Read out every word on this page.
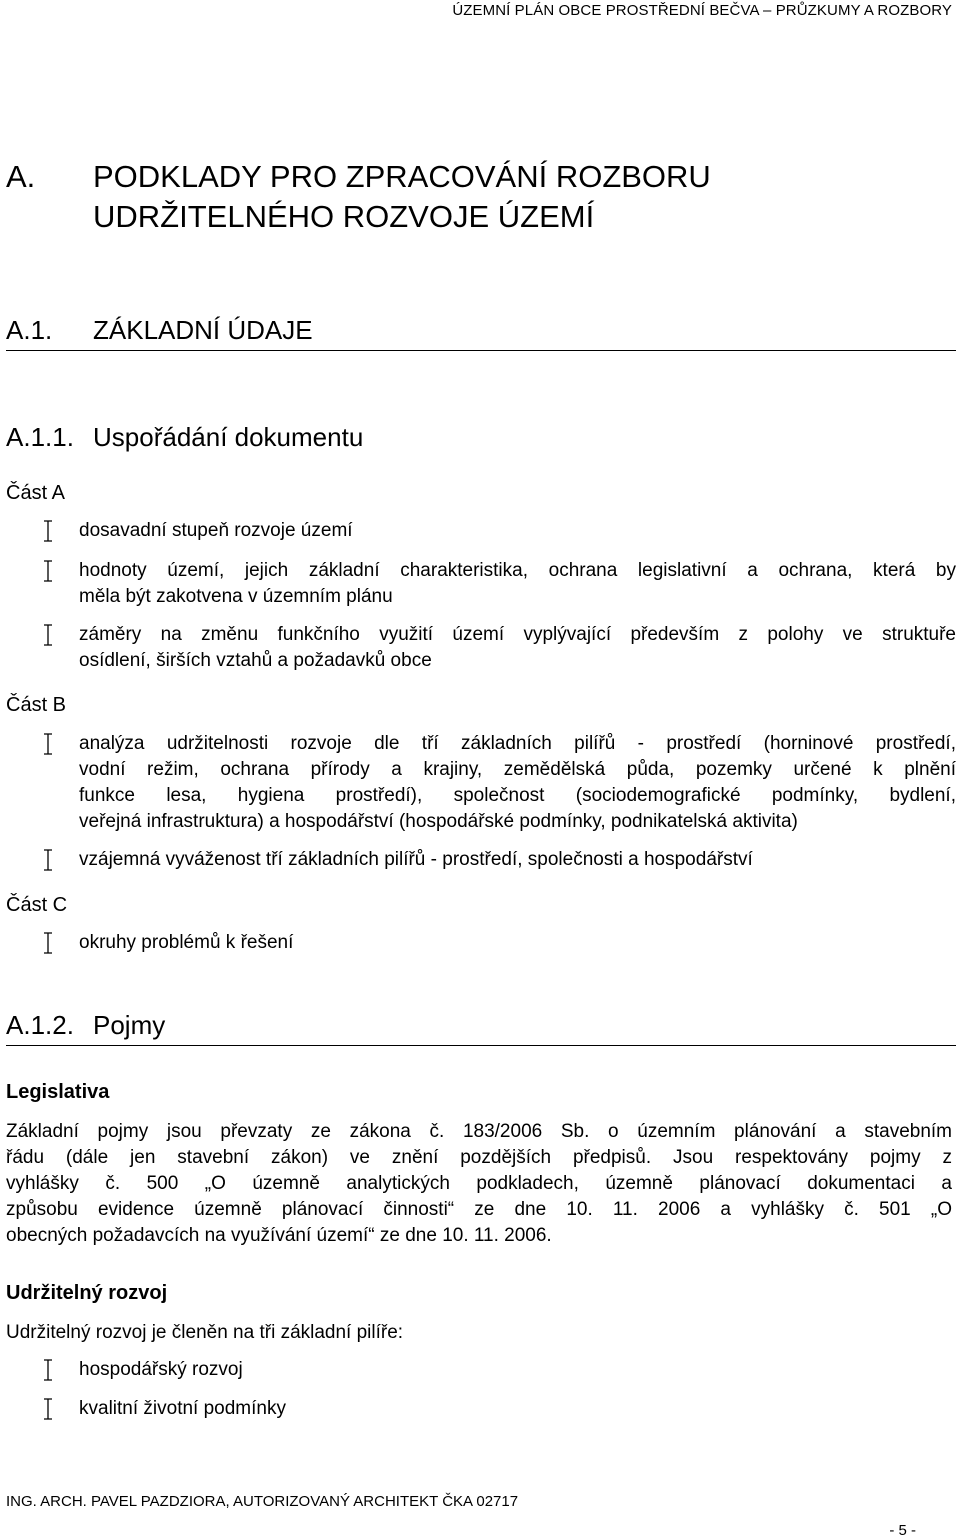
ÚZEMNÍ PLÁN OBCE PROSTŘEDNÍ BEČVA – PRŮZKUMY A ROZBORY
A.	PODKLADY PRO ZPRACOVÁNÍ ROZBORU
UDRŽITELNÉHO ROZVOJE ÚZEMÍ
A.1. ZÁKLADNÍ ÚDAJE
A.1.1. Uspořádání dokumentu
Část A
dosavadní stupeň rozvoje území
hodnoty území, jejich základní charakteristika, ochrana legislativní a ochrana, která by
měla být zakotvena v územním plánu
záměry na změnu funkčního využití území vyplývající především z polohy ve struktuře
osídlení, širších vztahů a požadavků obce
Část B
analýza udržitelnosti rozvoje dle tří základních pilířů - prostředí (horninové prostředí,
vodní režim, ochrana přírody a krajiny, zemědělská půda, pozemky určené k plnění
funkce lesa, hygiena prostředí), společnost (sociodemografické podmínky, bydlení,
veřejná infrastruktura) a hospodářství (hospodářské podmínky, podnikatelská aktivita)
vzájemná vyváženost tří základních pilířů - prostředí, společnosti a hospodářství
Část C
okruhy problémů k řešení
A.1.2. Pojmy
Legislativa
Základní pojmy jsou převzaty ze zákona č. 183/2006 Sb. o územním plánování a stavebním
řádu (dále jen stavební zákon) ve znění pozdějších předpisů. Jsou respektovány pojmy z
vyhlášky č. 500 „O územně analytických podkladech, územně plánovací dokumentaci a
způsobu evidence územně plánovací činnosti“ ze dne 10. 11. 2006 a vyhlášky č. 501 „O
obecných požadavcích na využívání území“ ze dne 10. 11. 2006.
Udržitelný rozvoj
Udržitelný rozvoj je členěn na tři základní pilíře:
hospodářský rozvoj
kvalitní životní podmínky
ING. ARCH. PAVEL PAZDZIORA, AUTORIZOVANÝ ARCHITEKT ČKA 02717
- 5 -
